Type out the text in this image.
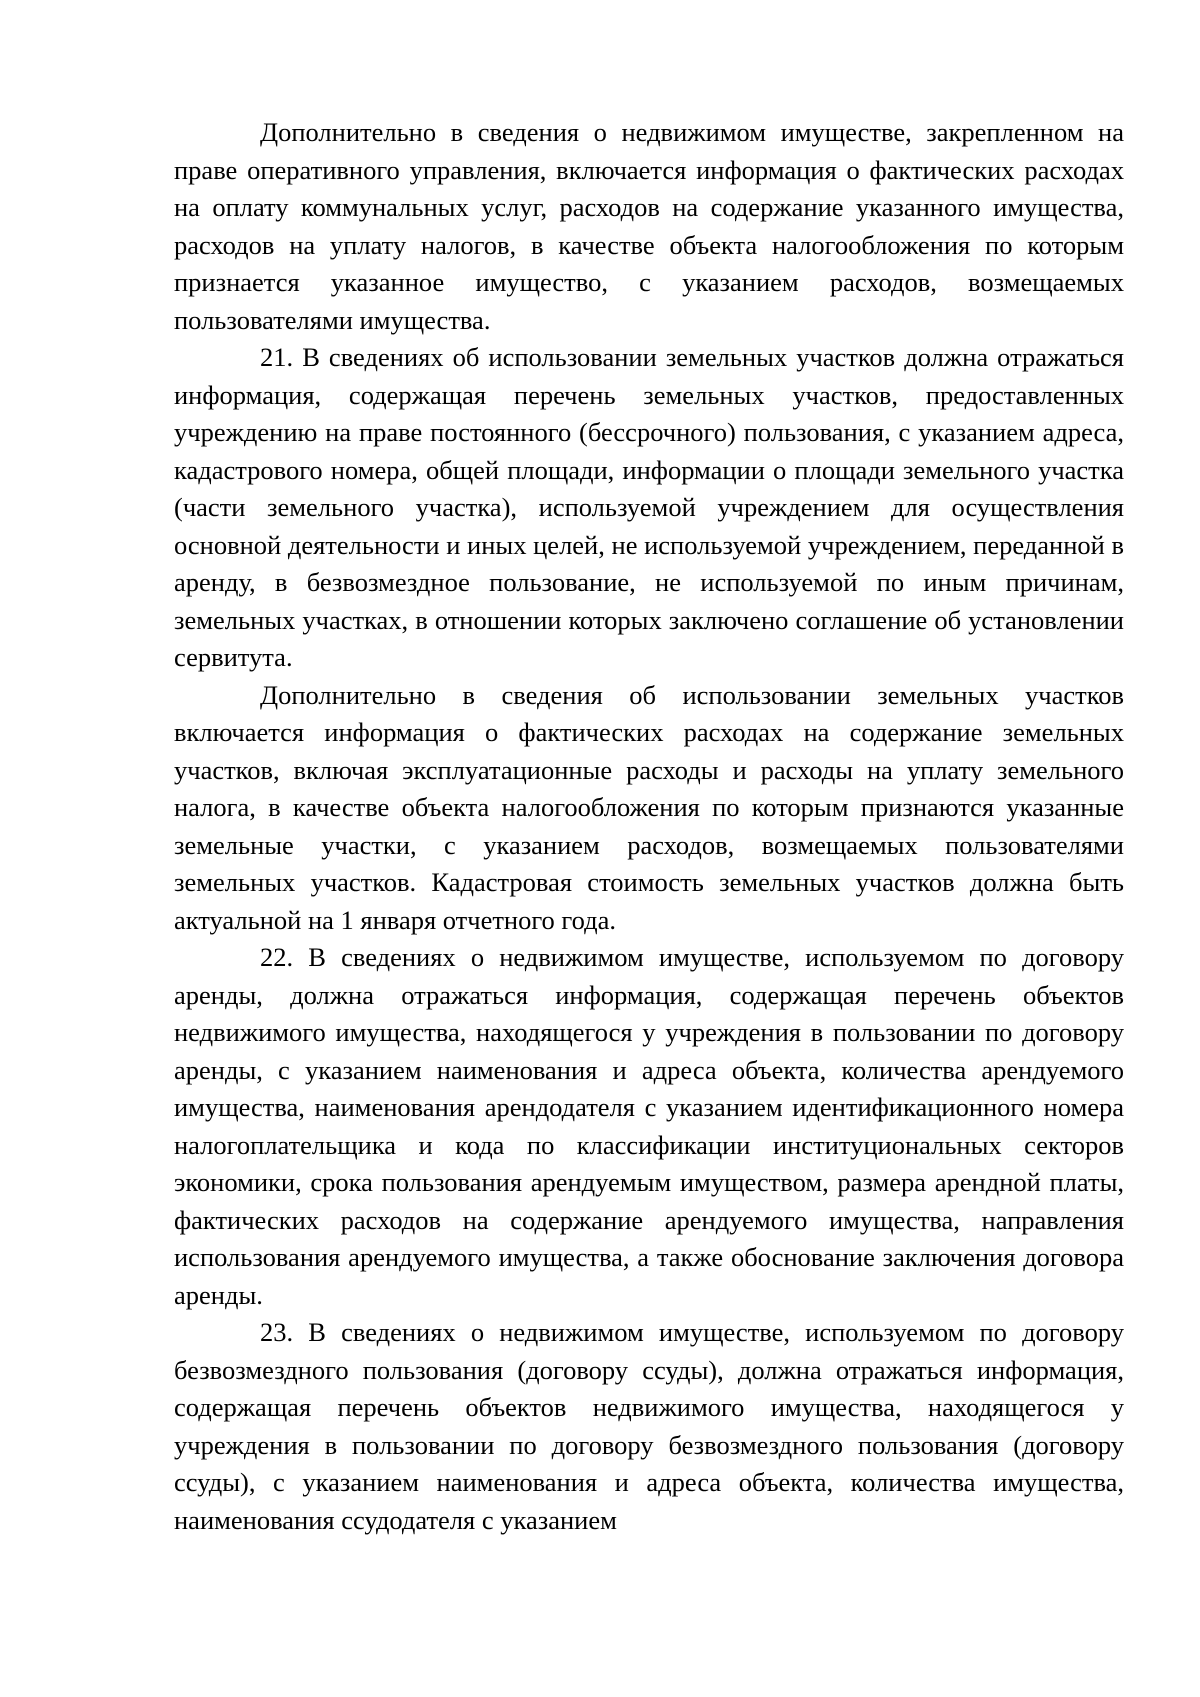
Дополнительно в сведения о недвижимом имуществе, закрепленном на праве оперативного управления, включается информация о фактических расходах на оплату коммунальных услуг, расходов на содержание указанного имущества, расходов на уплату налогов, в качестве объекта налогообложения по которым признается указанное имущество, с указанием расходов, возмещаемых пользователями имущества.

21. В сведениях об использовании земельных участков должна отражаться информация, содержащая перечень земельных участков, предоставленных учреждению на праве постоянного (бессрочного) пользования, с указанием адреса, кадастрового номера, общей площади, информации о площади земельного участка (части земельного участка), используемой учреждением для осуществления основной деятельности и иных целей, не используемой учреждением, переданной в аренду, в безвозмездное пользование, не используемой по иным причинам, земельных участках, в отношении которых заключено соглашение об установлении сервитута.

Дополнительно в сведения об использовании земельных участков включается информация о фактических расходах на содержание земельных участков, включая эксплуатационные расходы и расходы на уплату земельного налога, в качестве объекта налогообложения по которым признаются указанные земельные участки, с указанием расходов, возмещаемых пользователями земельных участков. Кадастровая стоимость земельных участков должна быть актуальной на 1 января отчетного года.

22. В сведениях о недвижимом имуществе, используемом по договору аренды, должна отражаться информация, содержащая перечень объектов недвижимого имущества, находящегося у учреждения в пользовании по договору аренды, с указанием наименования и адреса объекта, количества арендуемого имущества, наименования арендодателя с указанием идентификационного номера налогоплательщика и кода по классификации институциональных секторов экономики, срока пользования арендуемым имуществом, размера арендной платы, фактических расходов на содержание арендуемого имущества, направления использования арендуемого имущества, а также обоснование заключения договора аренды.

23. В сведениях о недвижимом имуществе, используемом по договору безвозмездного пользования (договору ссуды), должна отражаться информация, содержащая перечень объектов недвижимого имущества, находящегося у учреждения в пользовании по договору безвозмездного пользования (договору ссуды), с указанием наименования и адреса объекта, количества имущества, наименования ссудодателя с указанием
